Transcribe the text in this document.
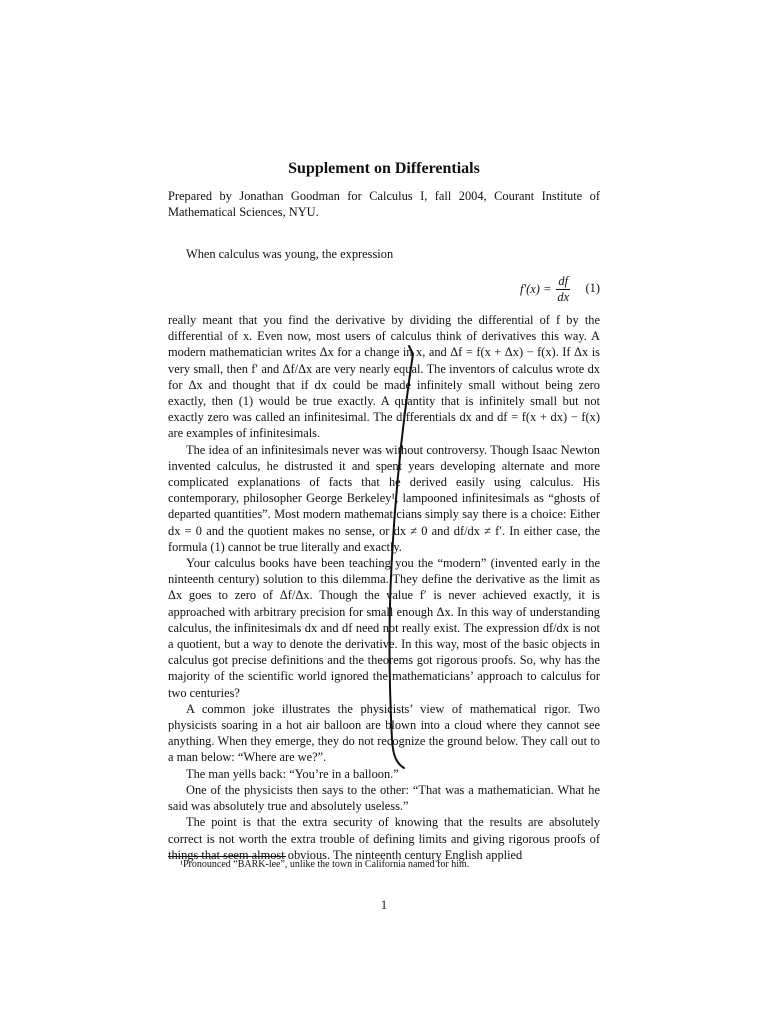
Supplement on Differentials
Prepared by Jonathan Goodman for Calculus I, fall 2004, Courant Institute of Mathematical Sciences, NYU.
When calculus was young, the expression
$f'(x) = \frac{df}{dx} (1)$

really meant that you find the derivative by dividing the differential of f by the differential of x. Even now, most users of calculus think of derivatives this way. A modern mathematician writes Δx for a change in x, and Δf = f(x + Δx) − f(x). If Δx is very small, then f′ and Δf/Δx are very nearly equal. The inventors of calculus wrote dx for Δx and thought that if dx could be made infinitely small without being zero exactly, then (1) would be true exactly. A quantity that is infinitely small but not exactly zero was called an infinitesimal. The differentials dx and df = f(x + dx) − f(x) are examples of infinitesimals.

The idea of an infinitesimals never was without controversy. Though Isaac Newton invented calculus, he distrusted it and spent years developing alternate and more complicated explanations of facts that he derived easily using calculus. His contemporary, philosopher George Berkeley¹, lampooned infinitesimals as “ghosts of departed quantities”. Most modern mathematicians simply say there is a choice: Either dx = 0 and the quotient makes no sense, or dx ≠ 0 and df/dx ≠ f′. In either case, the formula (1) cannot be true literally and exactly.

Your calculus books have been teaching you the “modern” (invented early in the ninteenth century) solution to this dilemma. They define the derivative as the limit as Δx goes to zero of Δf/Δx. Though the value f′ is never achieved exactly, it is approached with arbitrary precision for small enough Δx. In this way of understanding calculus, the infinitesimals dx and df need not really exist. The expression df/dx is not a quotient, but a way to denote the derivative. In this way, most of the basic objects in calculus got precise definitions and the theorems got rigorous proofs. So, why has the majority of the scientific world ignored the mathematicians’ approach to calculus for two centuries?

A common joke illustrates the physicists’ view of mathematical rigor. Two physicists soaring in a hot air balloon are blown into a cloud where they cannot see anything. When they emerge, they do not recognize the ground below. They call out to a man below: “Where are we?”.

The man yells back: “You’re in a balloon.”

One of the physicists then says to the other: “That was a mathematician. What he said was absolutely true and absolutely useless.”

The point is that the extra security of knowing that the results are absolutely correct is not worth the extra trouble of defining limits and giving rigorous proofs of things that seem almost obvious. The ninteenth century English applied

¹Pronounced “BARK-lee”, unlike the town in California named for him.
1
